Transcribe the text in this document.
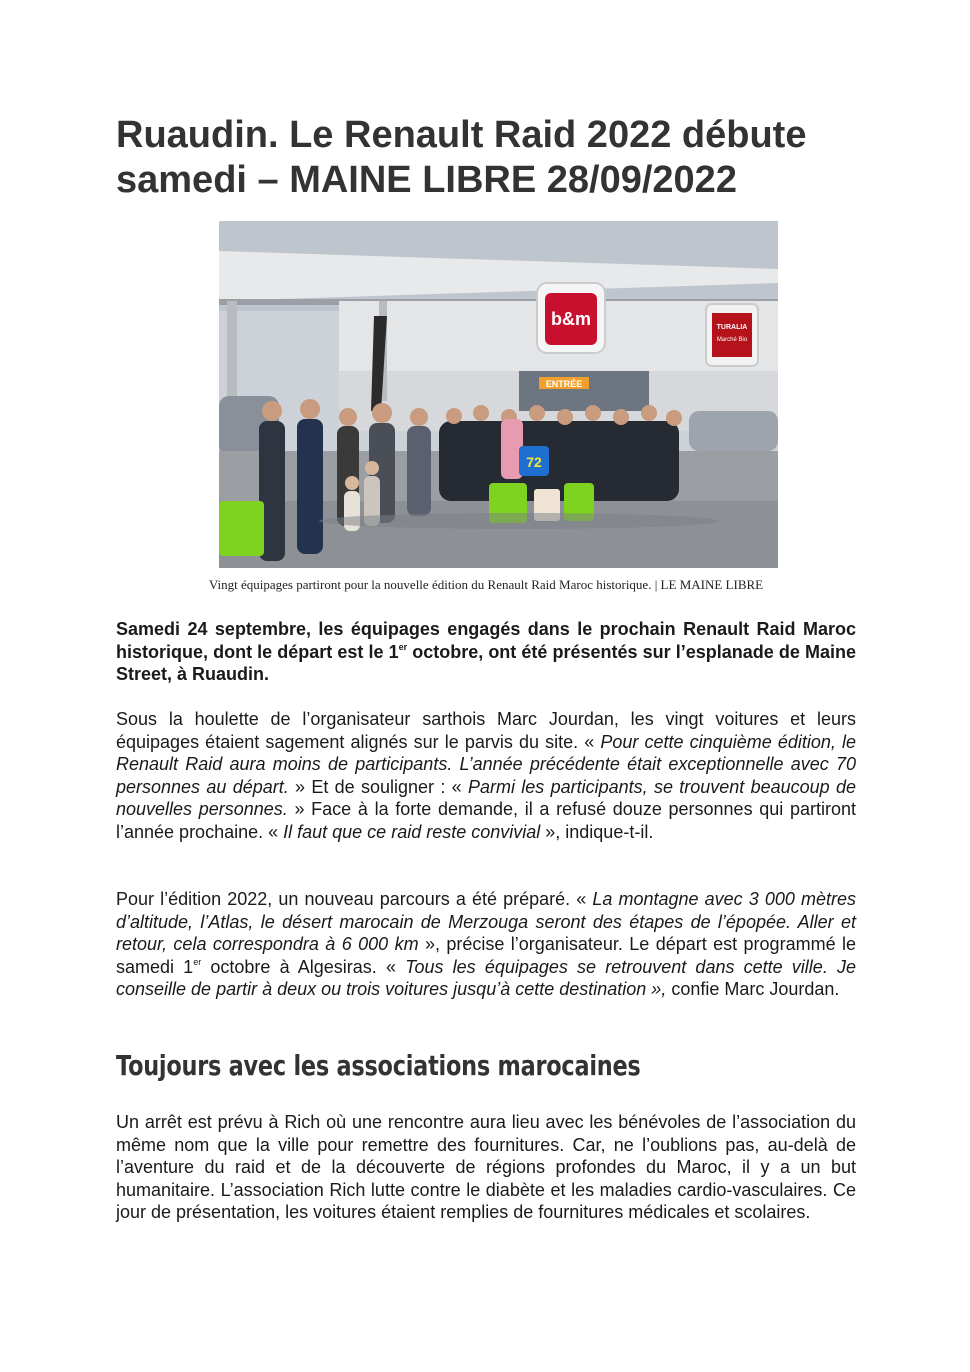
Ruaudin. Le Renault Raid 2022 débute samedi – MAINE LIBRE 28/09/2022
ENTRÉE
b&m	TURALIA
Marché Bio
72
Vingt équipages partiront pour la nouvelle édition du Renault Raid Maroc historique. | LE MAINE LIBRE

Samedi 24 septembre, les équipages engagés dans le prochain Renault Raid Maroc historique, dont le départ est le 1er octobre, ont été présentés sur l’esplanade de Maine Street, à Ruaudin.

Sous la houlette de l’organisateur sarthois Marc Jourdan, les vingt voitures et leurs équipages étaient sagement alignés sur le parvis du site. « Pour cette cinquième édition, le Renault Raid aura moins de participants. L’année précédente était exceptionnelle avec 70 personnes au départ. » Et de souligner : « Parmi les participants, se trouvent beaucoup de nouvelles personnes. » Face à la forte demande, il a refusé douze personnes qui partiront l’année prochaine. « Il faut que ce raid reste convivial », indique-t-il.

Pour l’édition 2022, un nouveau parcours a été préparé. « La montagne avec 3 000 mètres d’altitude, l’Atlas, le désert marocain de Merzouga seront des étapes de l’épopée. Aller et retour, cela correspondra à 6 000 km », précise l’organisateur. Le départ est programmé le samedi 1er octobre à Algesiras. « Tous les équipages se retrouvent dans cette ville. Je conseille de partir à deux ou trois voitures jusqu’à cette destination », confie Marc Jourdan.

Toujours avec les associations marocaines

Un arrêt est prévu à Rich où une rencontre aura lieu avec les bénévoles de l’association du même nom que la ville pour remettre des fournitures. Car, ne l’oublions pas, au-delà de l’aventure du raid et de la découverte de régions profondes du Maroc, il y a un but humanitaire. L’association Rich lutte contre le diabète et les maladies cardio-vasculaires. Ce jour de présentation, les voitures étaient remplies de fournitures médicales et scolaires.
